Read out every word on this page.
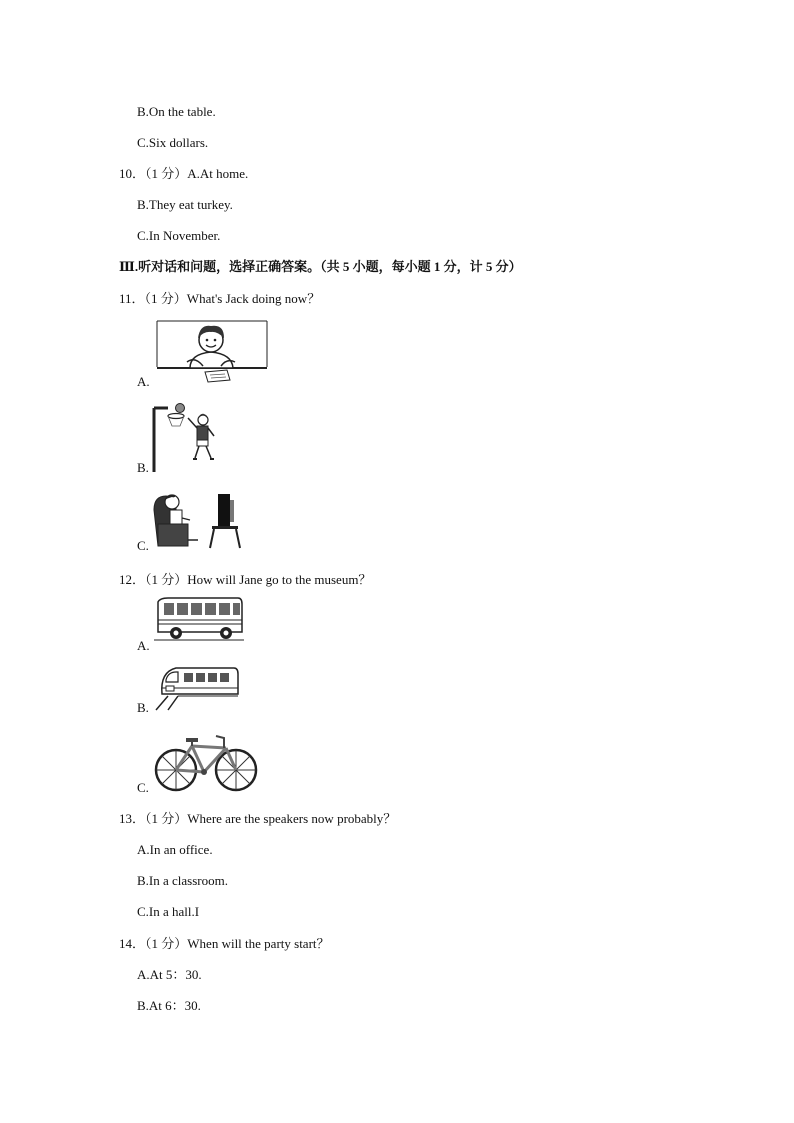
B.On the table.
C.Six dollars.
10．（1 分）A.At home.
B.They eat turkey.
C.In November.
Ⅲ.听对话和问题，选择正确答案。（共 5 小题，每小题 1 分，计 5 分）
11．（1 分）What's Jack doing now？
A.
B.
C.
12．（1 分）How will Jane go to the museum？
A.
B.
C.
13．（1 分）Where are the speakers now probably？
A.In an office.
B.In a classroom.
C.In a hall.I
14．（1 分）When will the party start？
A.At 5：30.
B.At 6：30.
